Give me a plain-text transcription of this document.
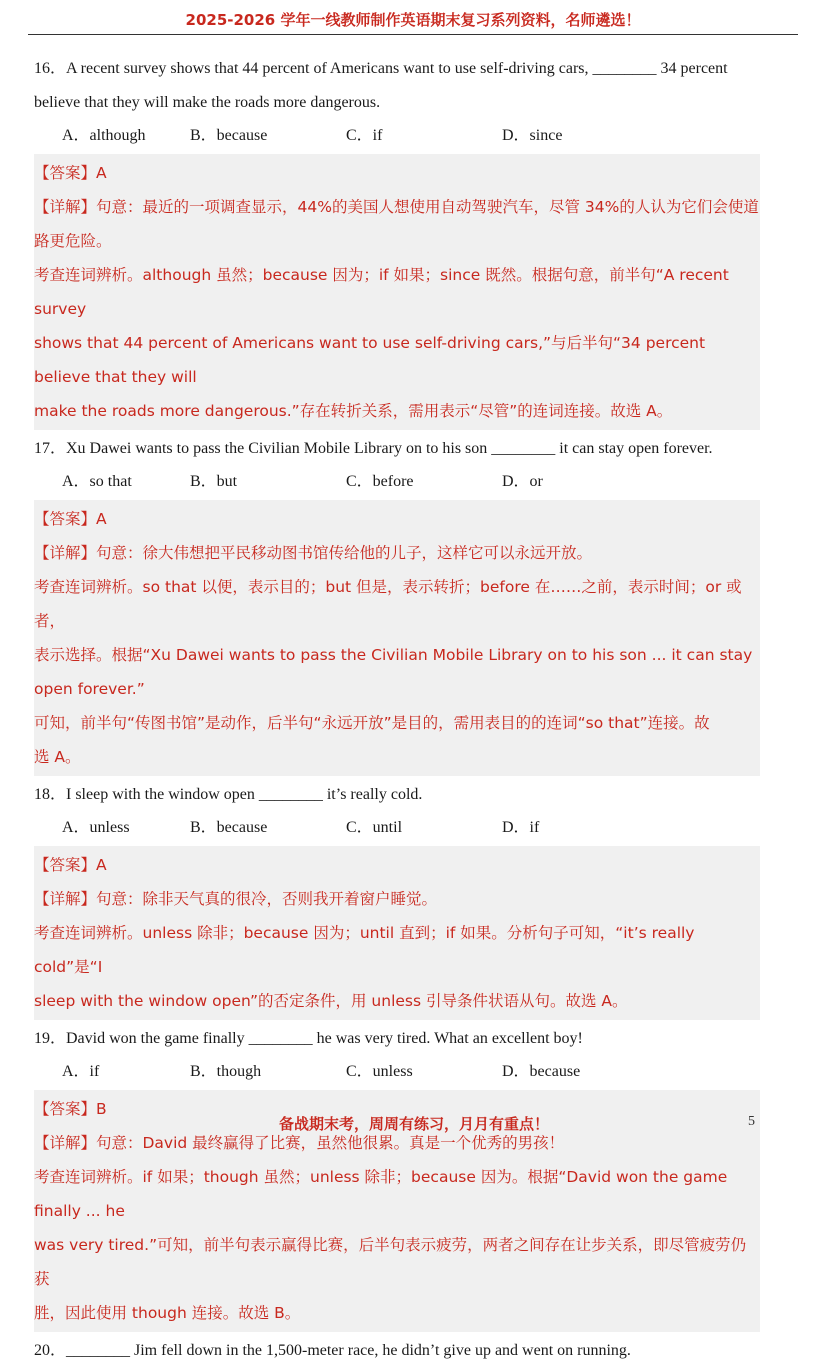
2025-2026 学年一线教师制作英语期末复习系列资料，名师遴选！

16．A recent survey shows that 44 percent of Americans want to use self-driving cars, ________ 34 percent

believe that they will make the roads more dangerous.

A．although	B．because	C．if	D．since

【答案】A

【详解】句意：最近的一项调查显示，44%的美国人想使用自动驾驶汽车，尽管 34%的人认为它们会使道

路更危险。

考查连词辨析。although 虽然；because 因为；if 如果；since 既然。根据句意，前半句“A recent survey

shows that 44 percent of Americans want to use self-driving cars,”与后半句“34 percent believe that they will

make the roads more dangerous.”存在转折关系，需用表示“尽管”的连词连接。故选 A。

17．Xu Dawei wants to pass the Civilian Mobile Library on to his son ________ it can stay open forever.

A．so that	B．but	C．before	D．or

【答案】A

【详解】句意：徐大伟想把平民移动图书馆传给他的儿子，这样它可以永远开放。

考查连词辨析。so that 以便，表示目的；but 但是，表示转折；before 在……之前，表示时间；or 或者，

表示选择。根据“Xu Dawei wants to pass the Civilian Mobile Library on to his son ... it can stay open forever.”

可知，前半句“传图书馆”是动作，后半句“永远开放”是目的，需用表目的的连词“so that”连接。故

选 A。

18．I sleep with the window open ________ it’s really cold.

A．unless	B．because	C．until	D．if

【答案】A

【详解】句意：除非天气真的很冷，否则我开着窗户睡觉。

考查连词辨析。unless 除非；because 因为；until 直到；if 如果。分析句子可知，“it’s really cold”是“I

sleep with the window open”的否定条件，用 unless 引导条件状语从句。故选 A。

19．David won the game finally ________ he was very tired. What an excellent boy!

A．if	B．though	C．unless	D．because

【答案】B

【详解】句意：David 最终赢得了比赛，虽然他很累。真是一个优秀的男孩！

考查连词辨析。if 如果；though 虽然；unless 除非；because 因为。根据“David won the game finally ... he

was very tired.”可知，前半句表示赢得比赛，后半句表示疲劳，两者之间存在让步关系，即尽管疲劳仍获

胜，因此使用 though 连接。故选 B。

20．________ Jim fell down in the 1,500-meter race, he didn’t give up and went on running.

备战期末考，周周有练习，月月有重点！	5
